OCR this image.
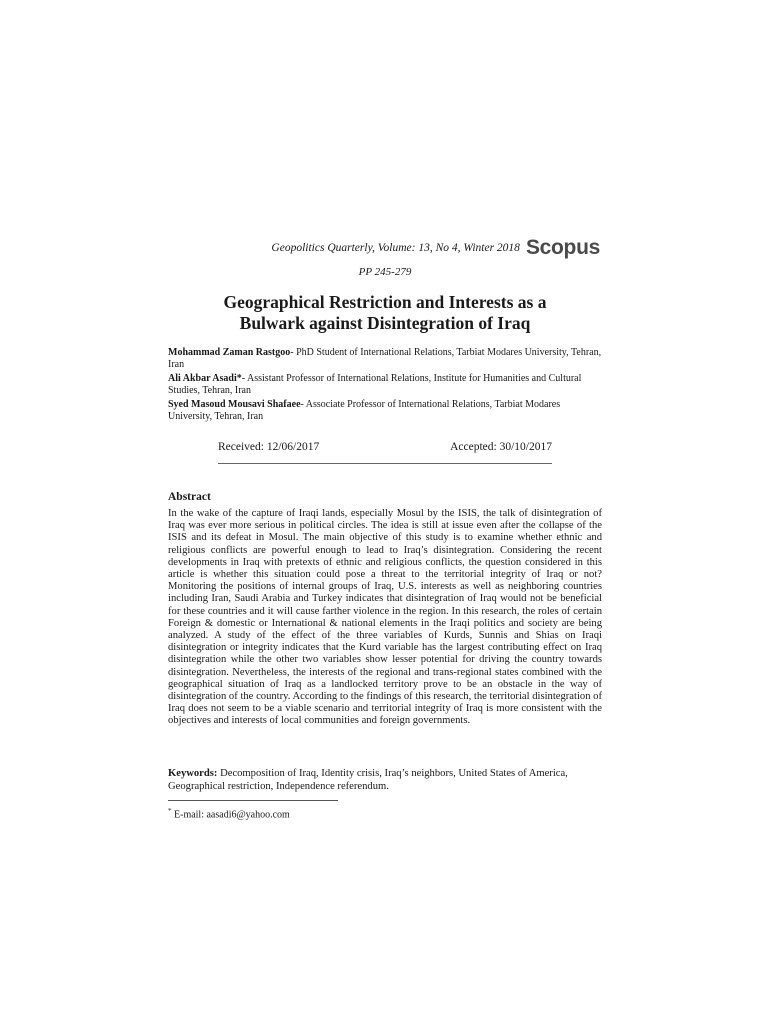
Geopolitics Quarterly, Volume: 13, No 4, Winter 2018 Scopus
PP 245-279
Geographical Restriction and Interests as a
Bulwark against Disintegration of Iraq
Mohammad Zaman Rastgoo- PhD Student of International Relations, Tarbiat Modares University, Tehran, Iran
Ali Akbar Asadi*- Assistant Professor of International Relations, Institute for Humanities and Cultural Studies, Tehran, Iran
Syed Masoud Mousavi Shafaee- Associate Professor of International Relations, Tarbiat Modares University, Tehran, Iran
Received: 12/06/2017	Accepted: 30/10/2017
Abstract
In the wake of the capture of Iraqi lands, especially Mosul by the ISIS, the talk of disintegration of Iraq was ever more serious in political circles. The idea is still at issue even after the collapse of the ISIS and its defeat in Mosul. The main objective of this study is to examine whether ethnic and religious conflicts are powerful enough to lead to Iraq’s disintegration. Considering the recent developments in Iraq with pretexts of ethnic and religious conflicts, the question considered in this article is whether this situation could pose a threat to the territorial integrity of Iraq or not? Monitoring the positions of internal groups of Iraq, U.S. interests as well as neighboring countries including Iran, Saudi Arabia and Turkey indicates that disintegration of Iraq would not be beneficial for these countries and it will cause farther violence in the region. In this research, the roles of certain Foreign & domestic or International & national elements in the Iraqi politics and society are being analyzed. A study of the effect of the three variables of Kurds, Sunnis and Shias on Iraqi disintegration or integrity indicates that the Kurd variable has the largest contributing effect on Iraq disintegration while the other two variables show lesser potential for driving the country towards disintegration. Nevertheless, the interests of the regional and trans-regional states combined with the geographical situation of Iraq as a landlocked territory prove to be an obstacle in the way of disintegration of the country. According to the findings of this research, the territorial disintegration of Iraq does not seem to be a viable scenario and territorial integrity of Iraq is more consistent with the objectives and interests of local communities and foreign governments.
Keywords: Decomposition of Iraq, Identity crisis, Iraq’s neighbors, United States of America, Geographical restriction, Independence referendum.
* E-mail: aasadi6@yahoo.com
